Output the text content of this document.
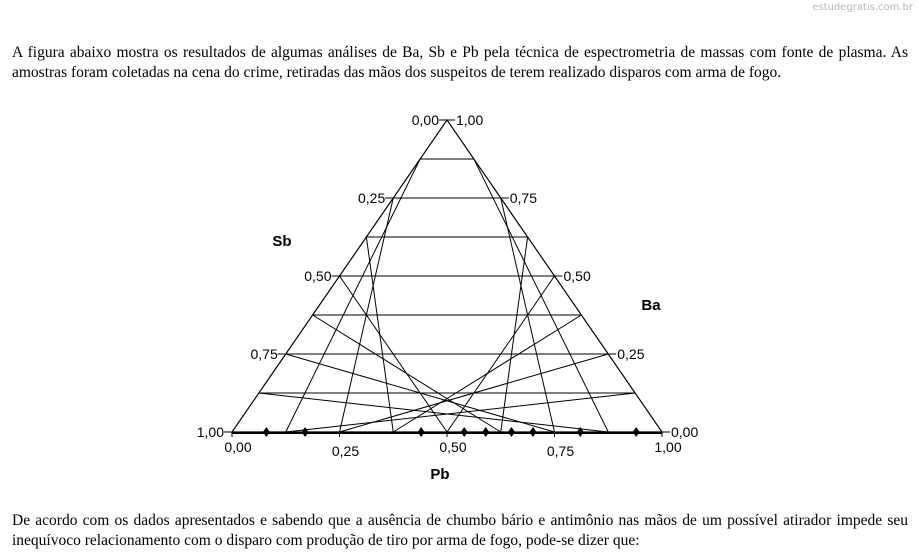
estudegratis.com.br

A figura abaixo mostra os resultados de algumas análises de Ba, Sb e Pb pela técnica de espectrometria de massas com fonte de plasma. As amostras foram coletadas na cena do crime, retiradas das mãos dos suspeitos de terem realizado disparos com arma de fogo.

0,00
0,00 1,00
0,25
0,25	0,75
0,50
0,50	0,50
0,75
0,75	0,25
1,00
1,00	0,00
Sb
Ba
Pb

De acordo com os dados apresentados e sabendo que a ausência de chumbo bário e antimônio nas mãos de um possível atirador impede seu inequívoco relacionamento com o disparo com produção de tiro por arma de fogo, pode-se dizer que:
